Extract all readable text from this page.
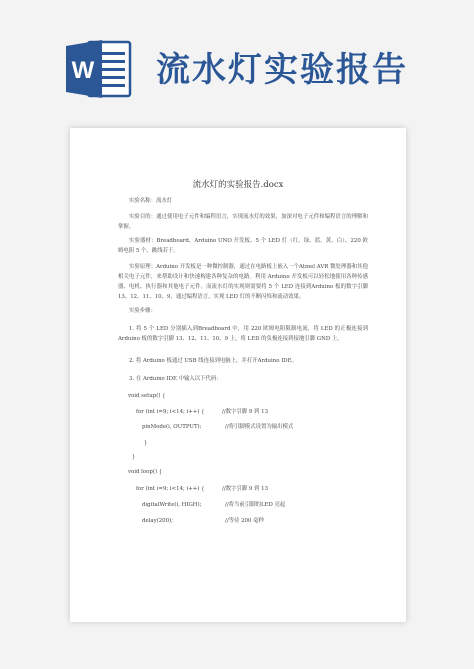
W 流水灯实验报告
流水灯的实验报告.docx
实验名称：流水灯
实验目的：通过使用电子元件和编程语言，实现流水灯的效果，加深对电子元件和编程语言的理解和掌握。
实验器材：Breadboard、Arduino UNO 开发板、5 个 LED 灯（红、绿、蓝、黄、白）、220 欧姆电阻 5 个、跳线若干。
实验原理：Arduino 开发板是一种微控制器，通过在电路板上嵌入一个Atmel AVR 微处理器和其他相关电子元件，来帮助设计和快速构建各种复杂的电路。利用 Arduino 开发板可以轻松地使用各种传感器、电机、执行器和其他电子元件。而流水灯的实现则需要将 5 个 LED 连接到Arduino 板的数字引脚 13、12、11、10、9，通过编程语言，实现 LED 灯的不断闪烁和流动效果。
实验步骤：
1. 将 5 个 LED 分别插入到Breadboard 中，用 220 欧姆电阻限制电流，将 LED 的正极连接到 Arduino 板的数字引脚 13、12、11、10、9 上，将 LED 的负极连接到接地引脚 GND 上。
2. 将 Arduino 板通过 USB 线连接到电脑上，并打开Arduino IDE。
3. 在 Arduino IDE 中输入以下代码：
void setup() {
for (int i=9; i<14; i++) {	//数字引脚 9 到 13
pinMode(i, OUTPUT);	//将引脚模式设置为输出模式
}
}
void loop() {
for (int i=9; i<14; i++) {	//数字引脚 9 到 13
digitalWrite(i, HIGH);	//将当前引脚的LED 亮起
delay(200);	//等待 200 毫秒
